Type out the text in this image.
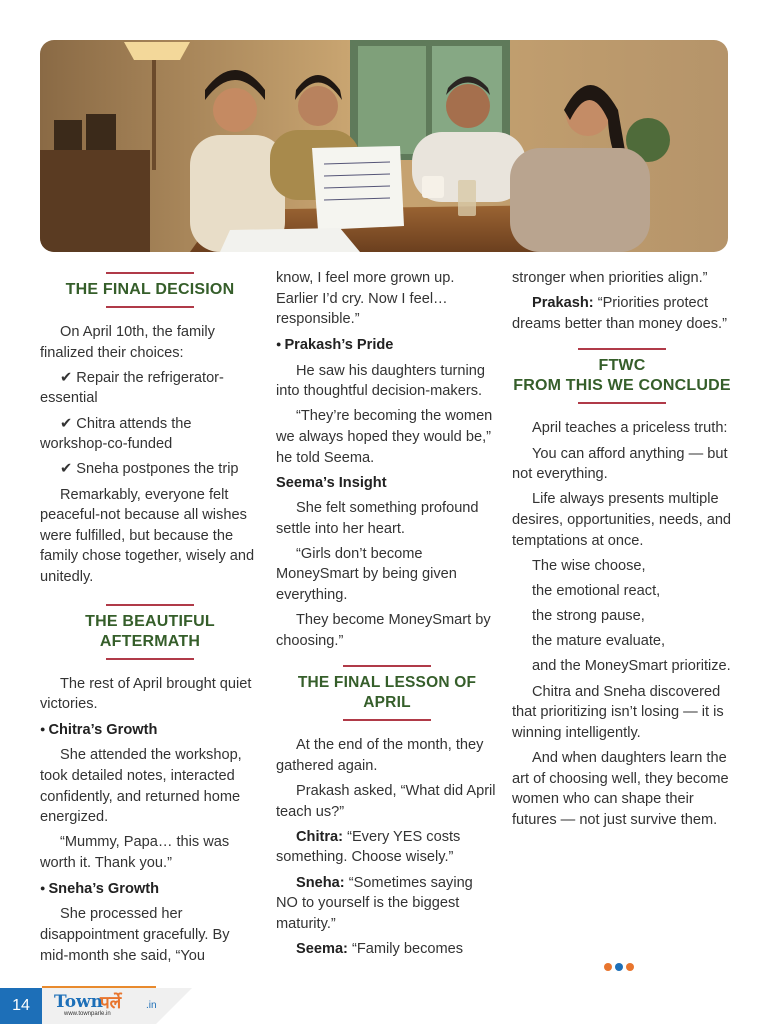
THE FINAL DECISION

On April 10th, the family finalized their choices:

✔ Repair the refrigerator-essential

✔ Chitra attends the workshop-co-funded

✔ Sneha postpones the trip

Remarkably, everyone felt peaceful-not because all wishes were fulfilled, but because the family chose together, wisely and unitedly.

THE BEAUTIFUL

AFTERMATH

The rest of April brought quiet victories.

● Chitra’s Growth

She attended the workshop, took detailed notes, interacted confidently, and returned home energized.

“Mummy, Papa… this was worth it. Thank you.”

● Sneha’s Growth

She processed her disappointment gracefully. By mid-month she said, “You

know, I feel more grown up. Earlier I’d cry. Now I feel… responsible.”

● Prakash’s Pride

He saw his daughters turning into thoughtful decision-makers.

“They’re becoming the women we always hoped they would be,” he told Seema.

Seema’s Insight

She felt something profound settle into her heart.

“Girls don’t become MoneySmart by being given everything.

They become MoneySmart by choosing.”

THE FINAL LESSON OF APRIL

At the end of the month, they gathered again.

Prakash asked, “What did April teach us?”

Chitra: “Every YES costs something. Choose wisely.”

Sneha: “Sometimes saying NO to yourself is the biggest maturity.”

Seema: “Family becomes

stronger when priorities align.”

Prakash: “Priorities protect dreams better than money does.”

FTWC

FROM THIS WE CONCLUDE

April teaches a priceless truth:

You can afford anything — but not everything.

Life always presents multiple desires, opportunities, needs, and temptations at once.

The wise choose,

the emotional react,

the strong pause,

the mature evaluate,

and the MoneySmart prioritize.

Chitra and Sneha discovered that prioritizing isn’t losing — it is winning intelligently.

And when daughters learn the art of choosing well, they become women who can shape their futures — not just survive them.

14	Town
पर्ले .in
www.townparle.in
